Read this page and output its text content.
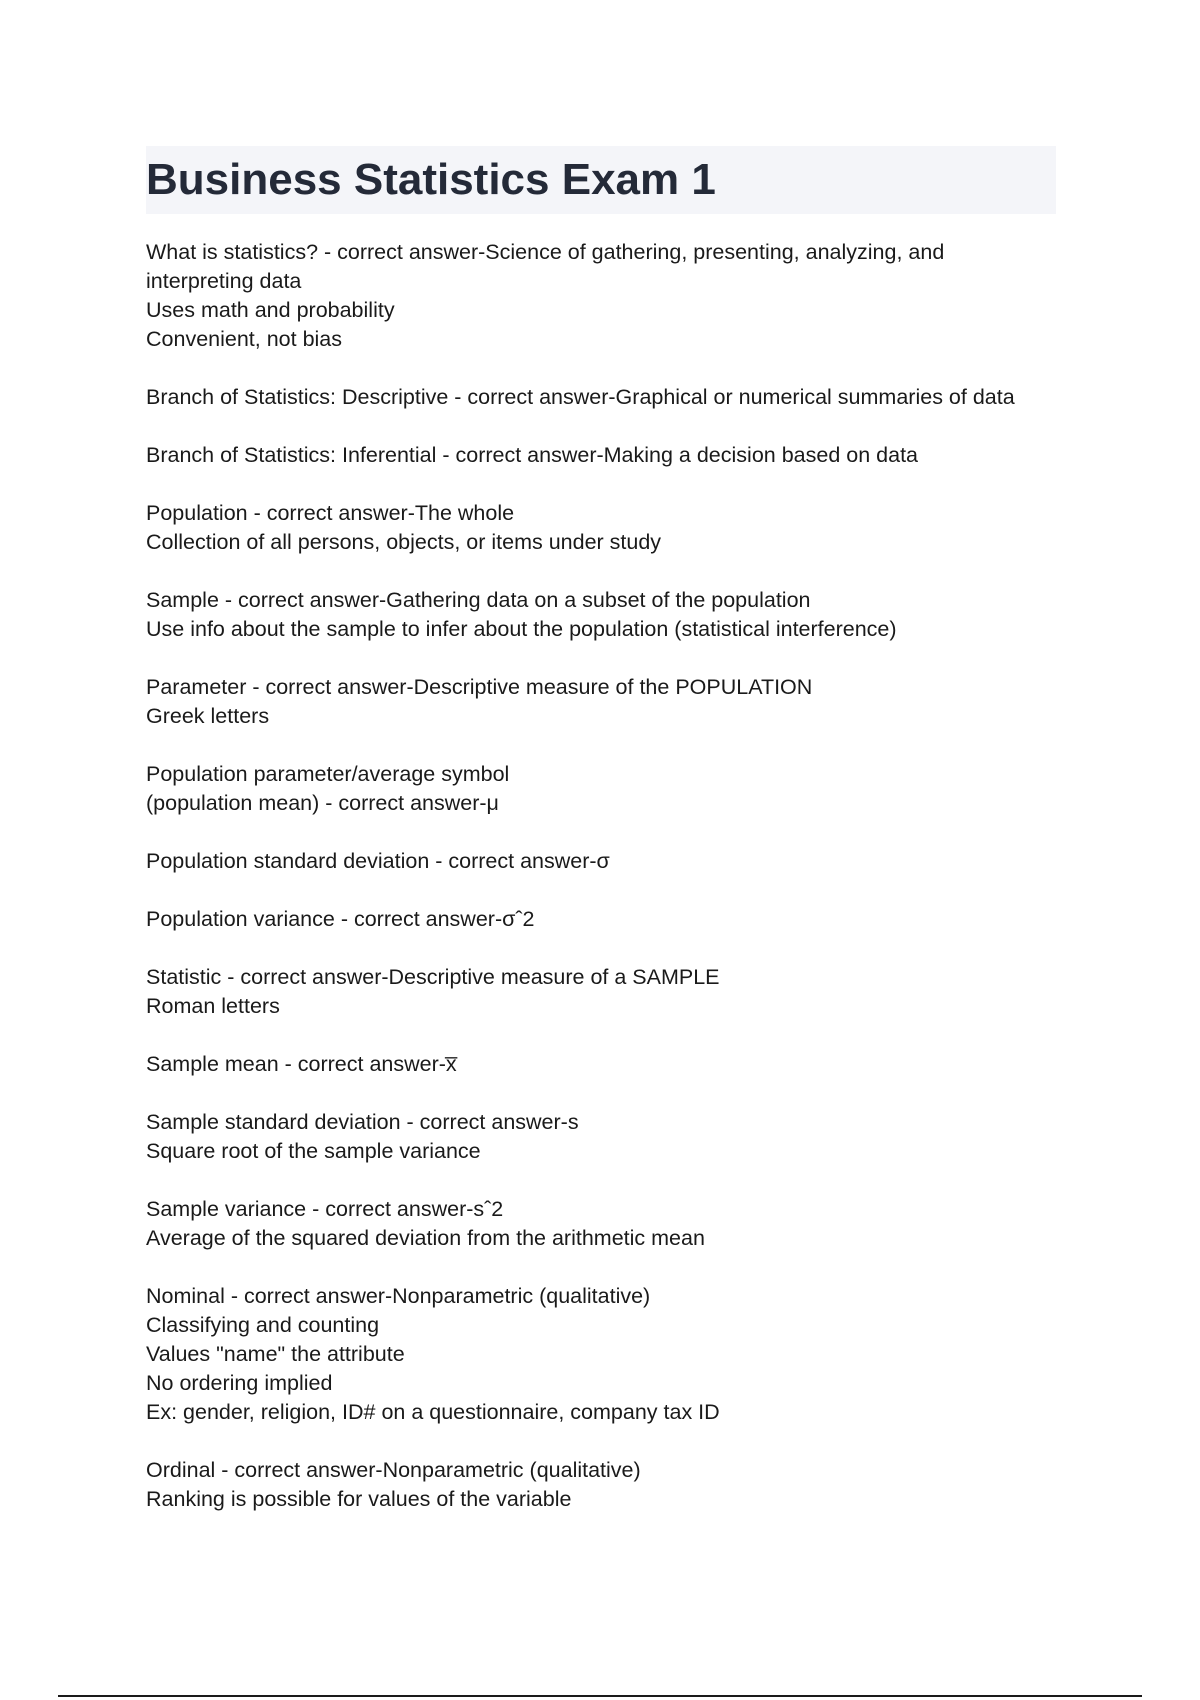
Business Statistics Exam 1
What is statistics? - correct answer-Science of gathering, presenting, analyzing, and
interpreting data
Uses math and probability
Convenient, not bias
Branch of Statistics: Descriptive - correct answer-Graphical or numerical summaries of data
Branch of Statistics: Inferential - correct answer-Making a decision based on data
Population - correct answer-The whole
Collection of all persons, objects, or items under study
Sample - correct answer-Gathering data on a subset of the population
Use info about the sample to infer about the population (statistical interference)
Parameter - correct answer-Descriptive measure of the POPULATION
Greek letters
Population parameter/average symbol
(population mean) - correct answer-μ
Population standard deviation - correct answer-σ
Population variance - correct answer-σˆ2
Statistic - correct answer-Descriptive measure of a SAMPLE
Roman letters
Sample mean - correct answer-x̅
Sample standard deviation - correct answer-s
Square root of the sample variance
Sample variance - correct answer-sˆ2
Average of the squared deviation from the arithmetic mean
Nominal - correct answer-Nonparametric (qualitative)
Classifying and counting
Values "name" the attribute
No ordering implied
Ex: gender, religion, ID# on a questionnaire, company tax ID
Ordinal - correct answer-Nonparametric (qualitative)
Ranking is possible for values of the variable
